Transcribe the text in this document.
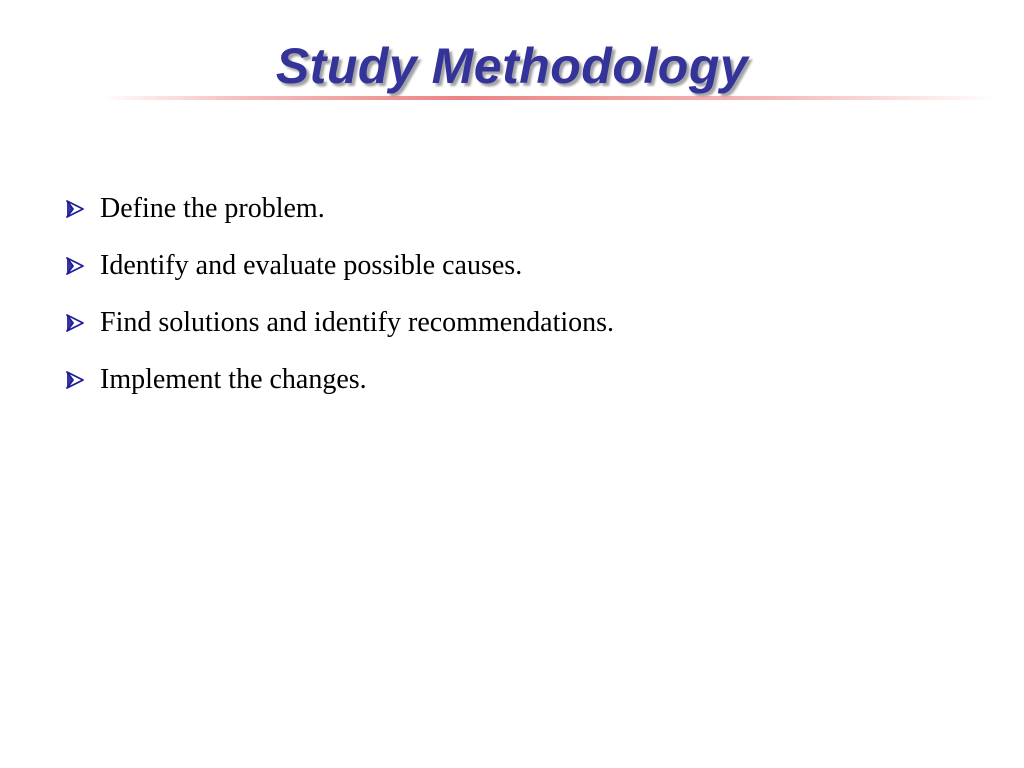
Study Methodology
Define the problem.
Identify and evaluate possible causes.
Find solutions and identify recommendations.
Implement the changes.
